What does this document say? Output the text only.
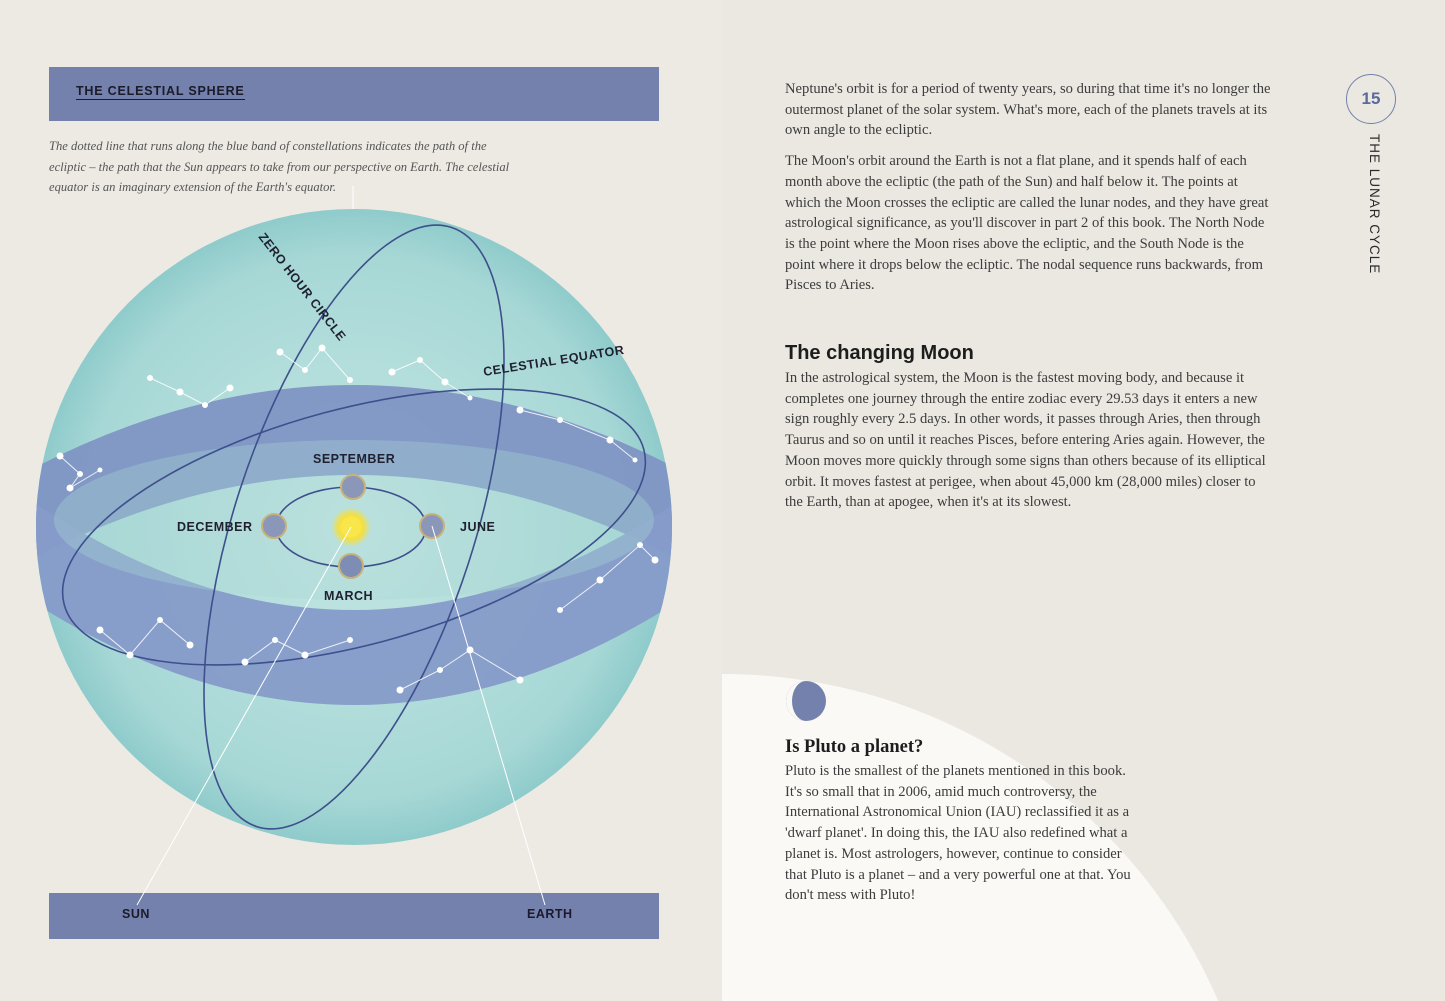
THE CELESTIAL SPHERE
The dotted line that runs along the blue band of constellations indicates the path of the ecliptic – the path that the Sun appears to take from our perspective on Earth. The celestial equator is an imaginary extension of the Earth's equator.
SUN	EARTH
SEPTEMBER
DECEMBER	JUNE
MARCH
ZERO HOUR CIRCLE
CELESTIAL EQUATOR

Neptune's orbit is for a period of twenty years, so during that time it's no longer the outermost planet of the solar system. What's more, each of the planets travels at its own angle to the ecliptic.

The Moon's orbit around the Earth is not a flat plane, and it spends half of each month above the ecliptic (the path of the Sun) and half below it. The points at which the Moon crosses the ecliptic are called the lunar nodes, and they have great astrological significance, as you'll discover in part 2 of this book. The North Node is the point where the Moon rises above the ecliptic, and the South Node is the point where it drops below the ecliptic. The nodal sequence runs backwards, from Pisces to Aries.

The changing Moon
In the astrological system, the Moon is the fastest moving body, and because it completes one journey through the entire zodiac every 29.53 days it enters a new sign roughly every 2.5 days. In other words, it passes through Aries, then through Taurus and so on until it reaches Pisces, before entering Aries again. However, the Moon moves more quickly through some signs than others because of its elliptical orbit. It moves fastest at perigee, when about 45,000 km (28,000 miles) closer to the Earth, than at apogee, when it's at its slowest.
Is Pluto a planet?
Pluto is the smallest of the planets mentioned in this book. It's so small that in 2006, amid much controversy, the International Astronomical Union (IAU) reclassified it as a 'dwarf planet'. In doing this, the IAU also redefined what a planet is. Most astrologers, however, continue to consider that Pluto is a planet – and a very powerful one at that. You don't mess with Pluto!
15
THE LUNAR CYCLE
